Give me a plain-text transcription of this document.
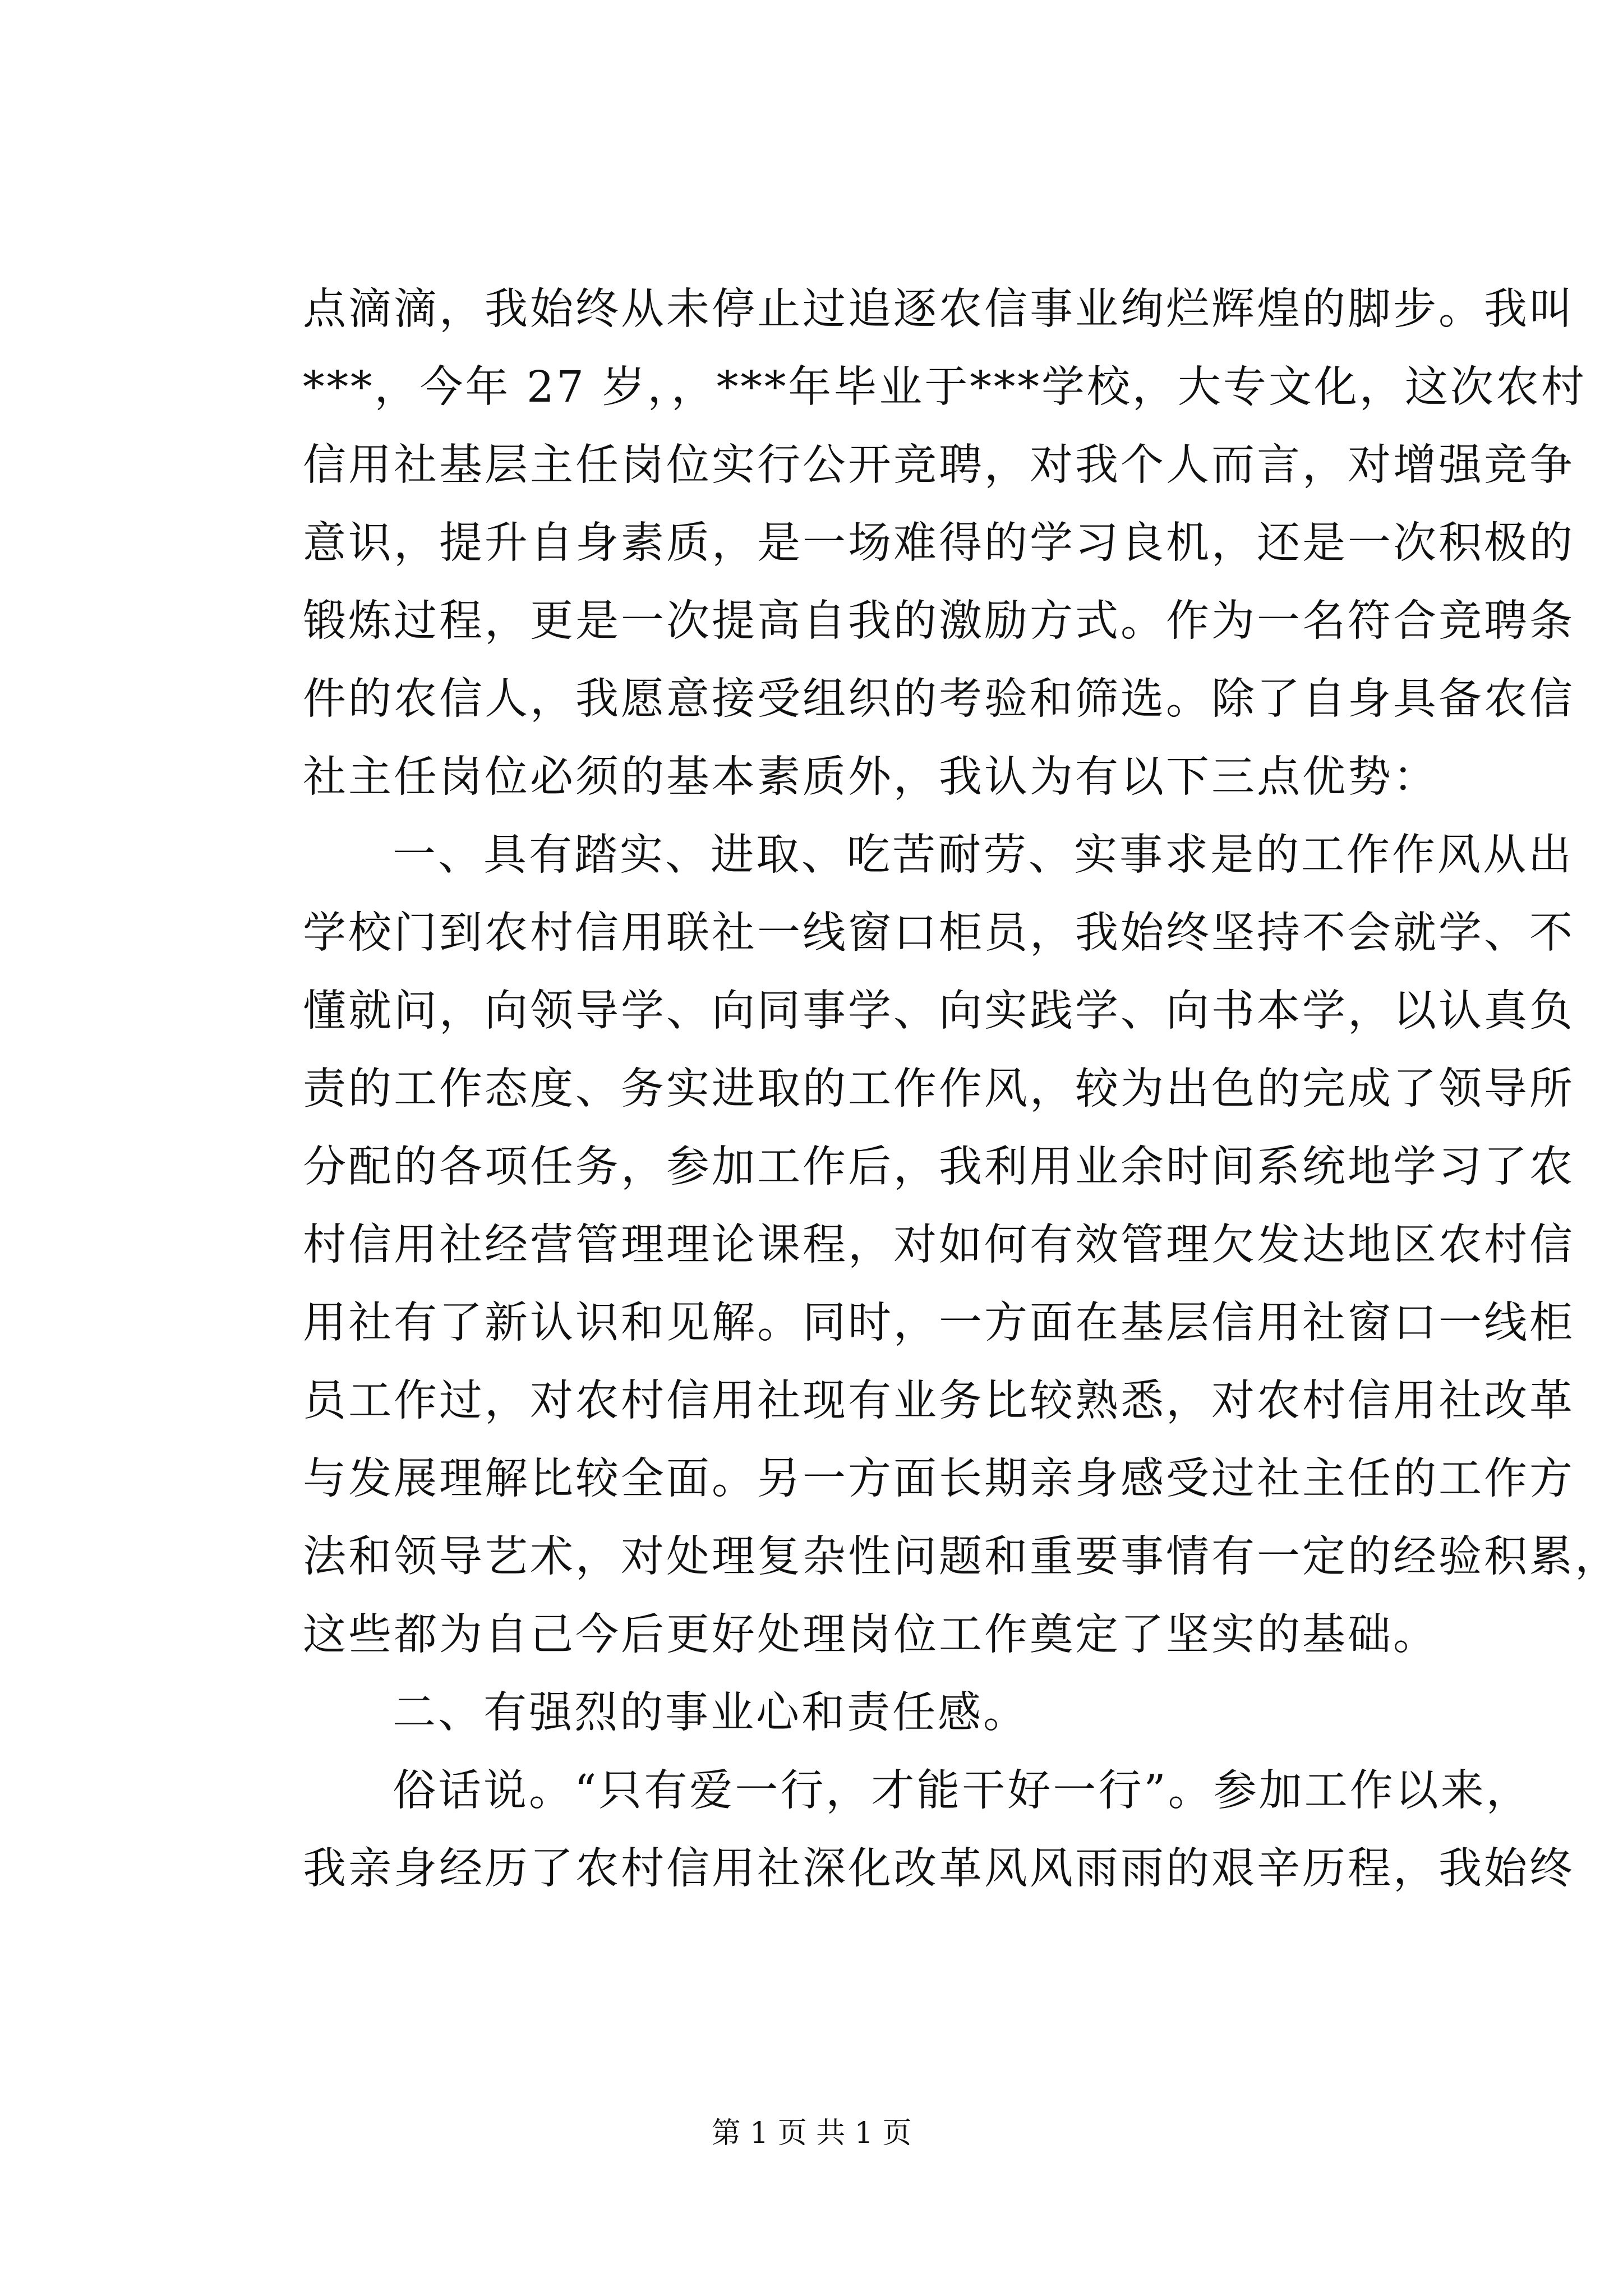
点滴滴，我始终从未停止过追逐农信事业绚烂辉煌的脚步。我叫
***，今年 27 岁，，***年毕业于***学校，大专文化，这次农村
信用社基层主任岗位实行公开竞聘，对我个人而言，对增强竞争
意识，提升自身素质，是一场难得的学习良机，还是一次积极的
锻炼过程，更是一次提高自我的激励方式。作为一名符合竞聘条
件的农信人，我愿意接受组织的考验和筛选。除了自身具备农信
社主任岗位必须的基本素质外，我认为有以下三点优势：
一、具有踏实、进取、吃苦耐劳、实事求是的工作作风从出
学校门到农村信用联社一线窗口柜员，我始终坚持不会就学、不
懂就问，向领导学、向同事学、向实践学、向书本学，以认真负
责的工作态度、务实进取的工作作风，较为出色的完成了领导所
分配的各项任务，参加工作后，我利用业余时间系统地学习了农
村信用社经营管理理论课程，对如何有效管理欠发达地区农村信
用社有了新认识和见解。同时，一方面在基层信用社窗口一线柜
员工作过，对农村信用社现有业务比较熟悉，对农村信用社改革
与发展理解比较全面。另一方面长期亲身感受过社主任的工作方
法和领导艺术，对处理复杂性问题和重要事情有一定的经验积累，
这些都为自己今后更好处理岗位工作奠定了坚实的基础。
二、有强烈的事业心和责任感。
俗话说。“只有爱一行，才能干好一行”。参加工作以来，
我亲身经历了农村信用社深化改革风风雨雨的艰辛历程，我始终
第 1 页 共 1 页
